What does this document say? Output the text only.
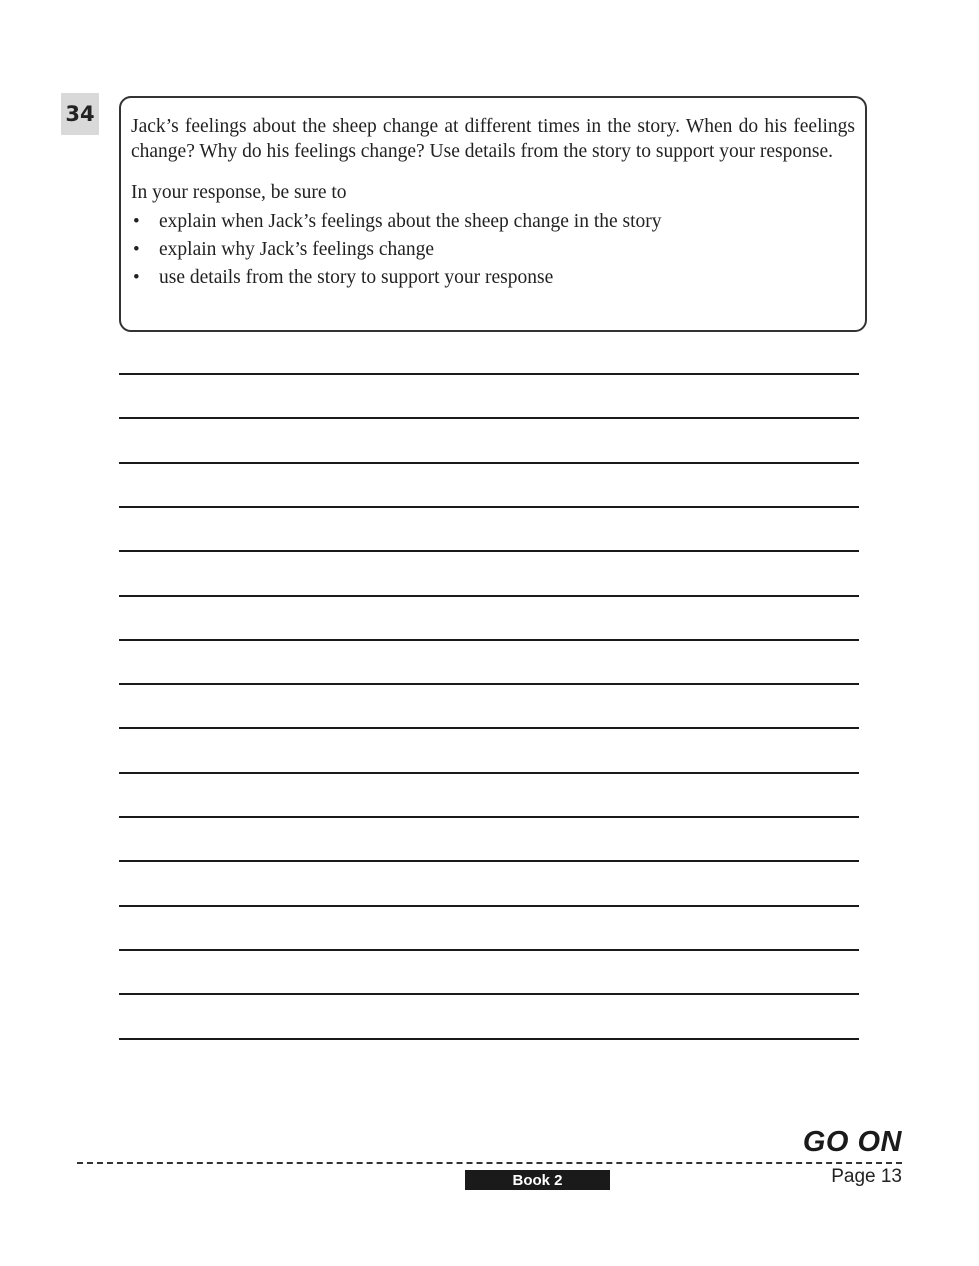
34

Jack’s feelings about the sheep change at different times in the story. When do his feelings change? Why do his feelings change? Use details from the story to support your response.

In your response, be sure to

• explain when Jack’s feelings about the sheep change in the story
• explain why Jack’s feelings change
• use details from the story to support your response
GO ON
Book 2	Page 13
